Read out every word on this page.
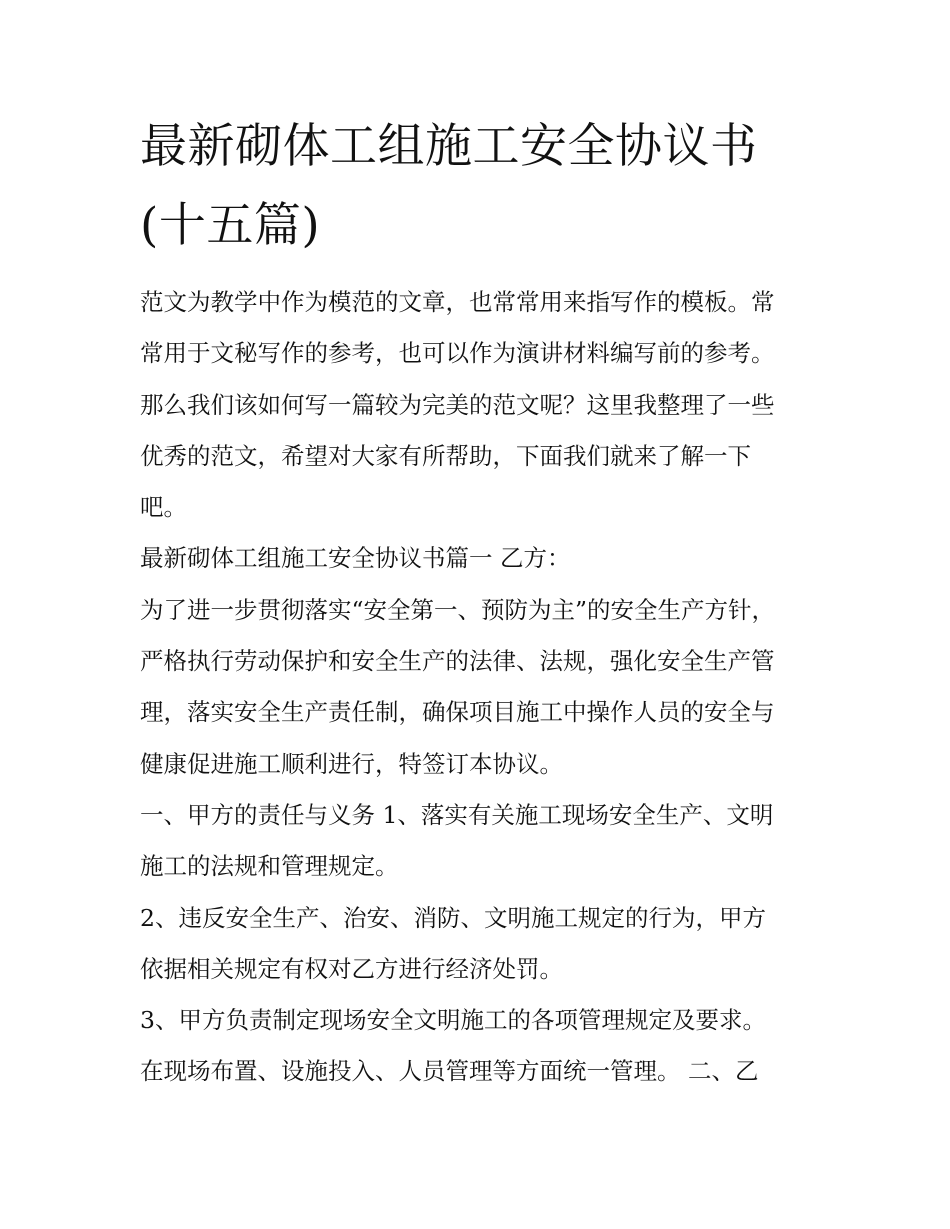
最新砌体工组施工安全协议书
(十五篇)
范文为教学中作为模范的文章，也常常用来指写作的模板。常
常用于文秘写作的参考，也可以作为演讲材料编写前的参考。
那么我们该如何写一篇较为完美的范文呢？这里我整理了一些
优秀的范文，希望对大家有所帮助，下面我们就来了解一下
吧。
最新砌体工组施工安全协议书篇一 乙方：
为了进一步贯彻落实“安全第一、预防为主”的安全生产方针，
严格执行劳动保护和安全生产的法律、法规，强化安全生产管
理，落实安全生产责任制，确保项目施工中操作人员的安全与
健康促进施工顺利进行，特签订本协议。
一、甲方的责任与义务 1、落实有关施工现场安全生产、文明
施工的法规和管理规定。
2、违反安全生产、治安、消防、文明施工规定的行为，甲方
依据相关规定有权对乙方进行经济处罚。
3、甲方负责制定现场安全文明施工的各项管理规定及要求。
在现场布置、设施投入、人员管理等方面统一管理。 二、乙
